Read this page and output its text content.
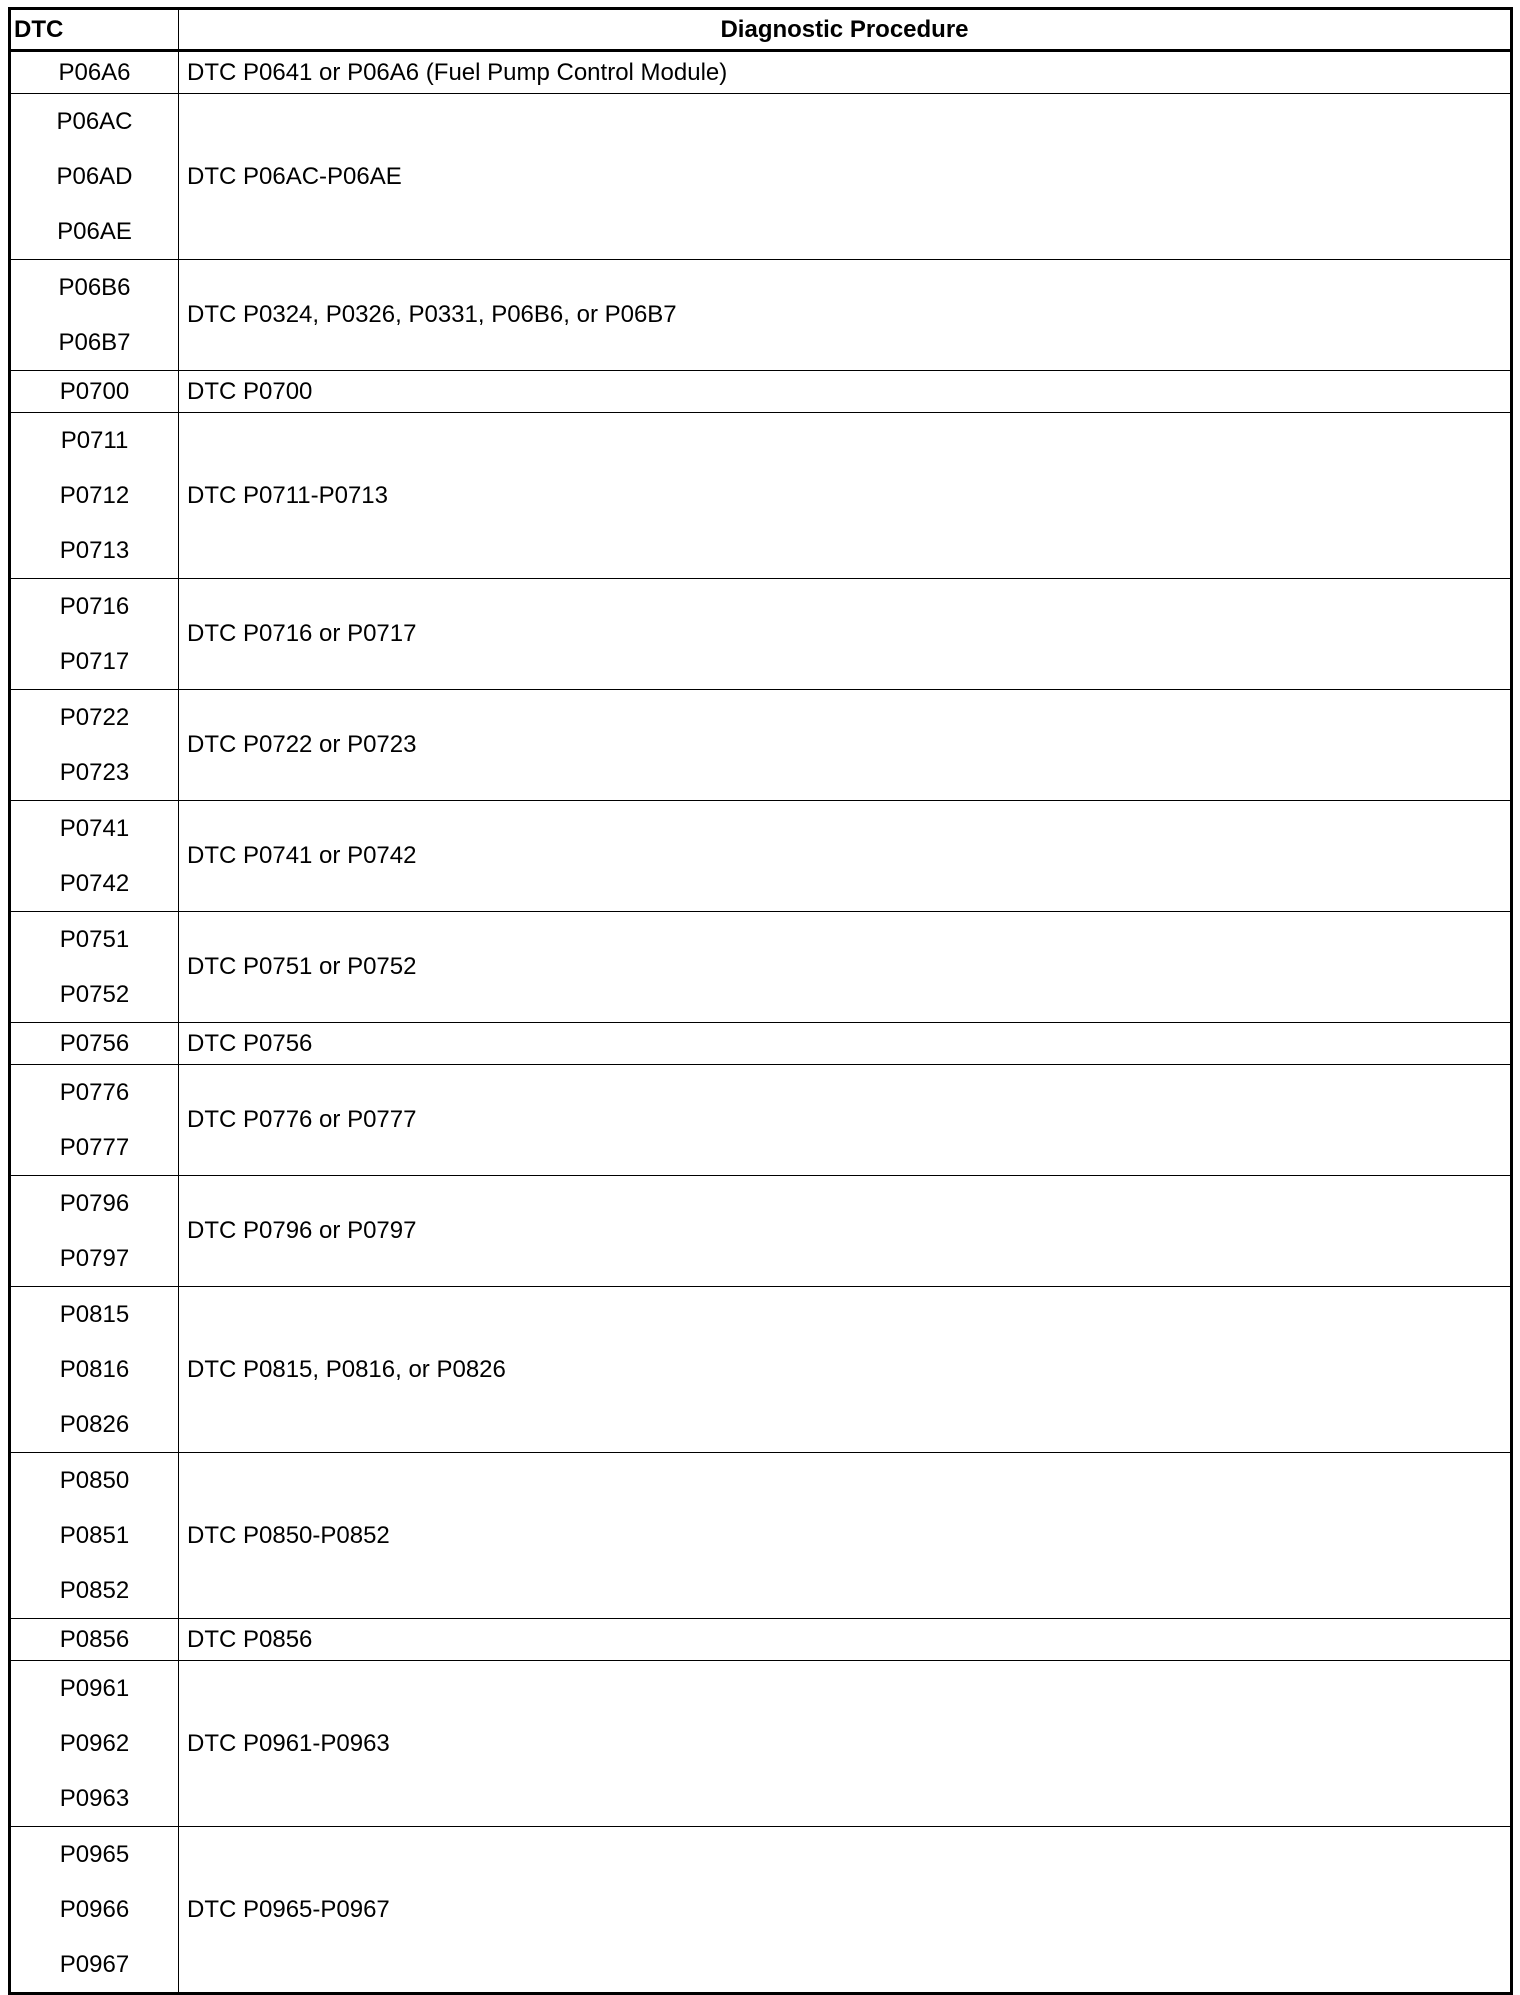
DTC	Diagnostic Procedure

P06A6	DTC P0641 or P06A6 (Fuel Pump Control Module)

P06AC
P06AD
P06AE	DTC P06AC-P06AE

P06B6
P06B7	DTC P0324, P0326, P0331, P06B6, or P06B7

P0700	DTC P0700

P0711
P0712
P0713	DTC P0711-P0713

P0716
P0717	DTC P0716 or P0717

P0722
P0723	DTC P0722 or P0723

P0741
P0742	DTC P0741 or P0742

P0751
P0752	DTC P0751 or P0752

P0756	DTC P0756

P0776
P0777	DTC P0776 or P0777

P0796
P0797	DTC P0796 or P0797

P0815
P0816
P0826	DTC P0815, P0816, or P0826

P0850
P0851
P0852	DTC P0850-P0852

P0856	DTC P0856

P0961
P0962
P0963	DTC P0961-P0963

P0965
P0966
P0967	DTC P0965-P0967
